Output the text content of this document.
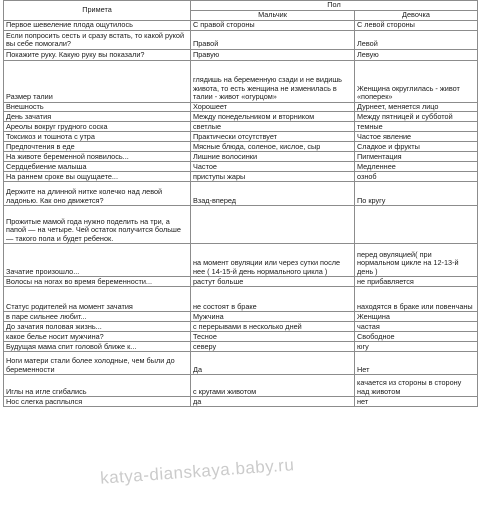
Примета	Пол	
	Мальчик	Девочка
Первое шевеление плода ощутилось	С правой стороны	С левой стороны
Если попросить сесть и сразу встать, то какой рукой вы себе помогали?	Правой	Левой
Покажите руку. Какую руку вы показали?	Правую	Левую
Размер талии	глядишь на беременную сзади и не видишь живота, то есть женщина не изменилась в талии - живот «огурцом»	Женщина округлилась - живот «поперек»
Внешность	Хорошеет	Дурнеет, меняется лицо
День зачатия	Между понедельником и вторником	Между пятницей и субботой
Ареолы вокруг грудного соска	светлые	темные
Токсикоз и тошнота с утра	Практически отсутствует	Частое явление
Предпочтения в еде	Мясные блюда, соленое, кислое, сыр	Сладкое и фрукты
На животе беременной появилось...	Лишние волосинки	Пигментация
Сердцебиение малыша	Частое	Медленнее
На раннем сроке вы ощущаете...	приступы жары	озноб
Держите на длинной нитке колечко над левой ладонью. Как оно движется?	Взад-вперед	По кругу
Прожитые мамой года нужно поделить на три, а папой — на четыре. Чей остаток получится больше — такого пола и будет ребенок.		
Зачатие произошло...	на момент овуляции или через сутки после нее ( 14-15-й день нормального цикла )	перед овуляцией( при нормальном цикле на 12-13-й день )
Волосы на ногах во время беременности...	растут больше	не прибавляется
Статус родителей на момент зачатия	не состоят в браке	находятся в браке или повенчаны
в паре сильнее любит...	Мужчина	Женщина
До зачатия половая жизнь...	с перерывами в несколько дней	частая
какое белье носит мужчина?	Тесное	Свободное
Будущая мама спит головой ближе к...	северу	югу
Ноги матери стали более холодные, чем были до беременности	Да	Нет
Иглы на игле сгибались	с кругами животом	качается из стороны в сторону над животом
Нос слегка расплылся	да	нет
katya-dianskaya.baby.ru
